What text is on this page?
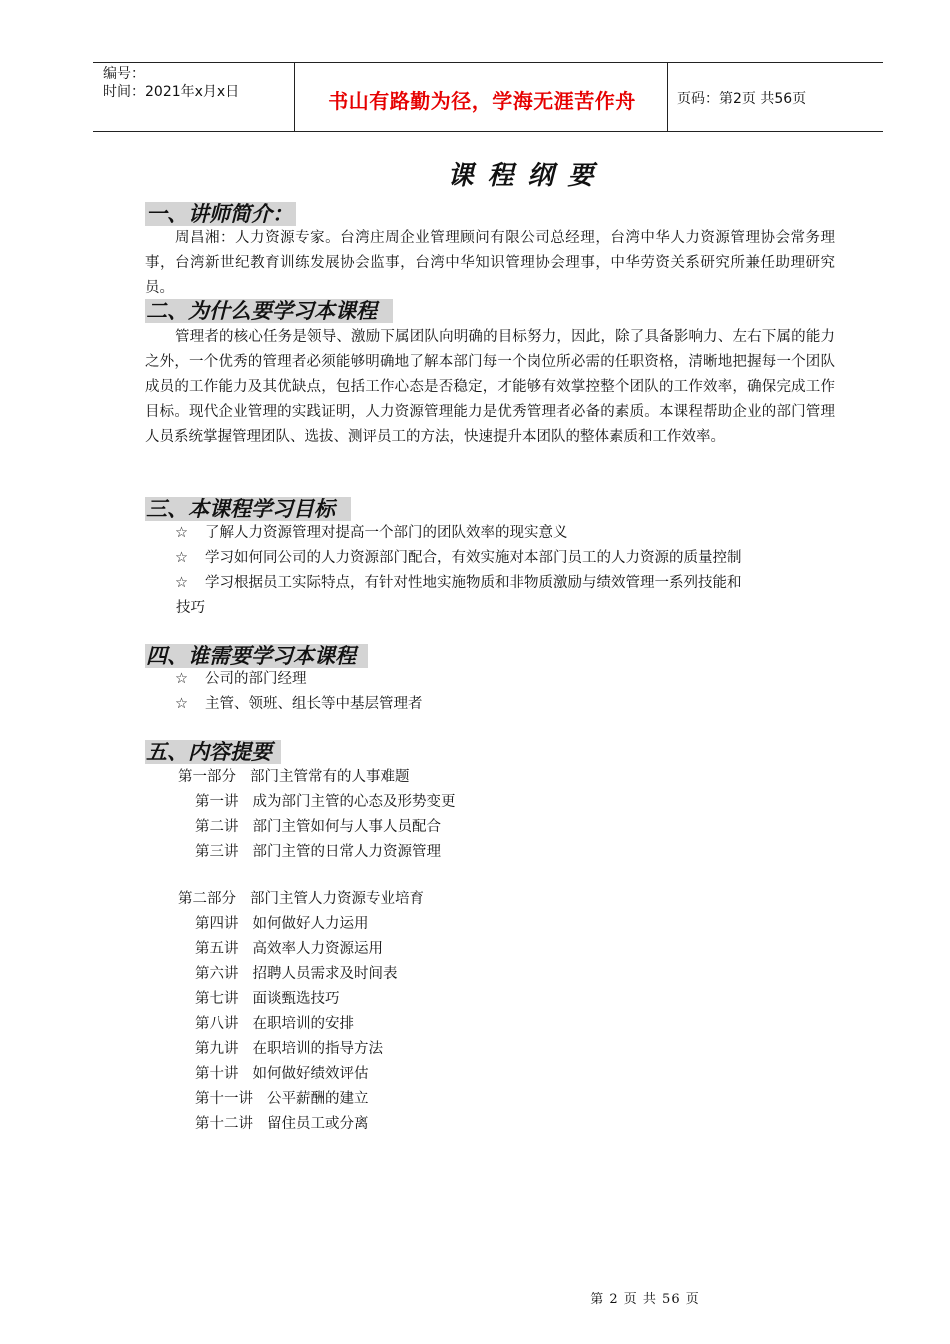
编号：
时间：2021年x月x日	书山有路勤为径，学海无涯苦作舟	页码：第2页 共56页
课程纲要
一、讲师简介：
周昌湘：人力资源专家。台湾庄周企业管理顾问有限公司总经理，台湾中华人力资源管理协会常务理事，台湾新世纪教育训练发展协会监事，台湾中华知识管理协会理事，中华劳资关系研究所兼任助理研究员。
二、为什么要学习本课程
管理者的核心任务是领导、激励下属团队向明确的目标努力，因此，除了具备影响力、左右下属的能力之外，一个优秀的管理者必须能够明确地了解本部门每一个岗位所必需的任职资格，清晰地把握每一个团队成员的工作能力及其优缺点，包括工作心态是否稳定，才能够有效掌控整个团队的工作效率，确保完成工作目标。现代企业管理的实践证明，人力资源管理能力是优秀管理者必备的素质。本课程帮助企业的部门管理人员系统掌握管理团队、选拔、测评员工的方法，快速提升本团队的整体素质和工作效率。
三、本课程学习目标
☆ 了解人力资源管理对提高一个部门的团队效率的现实意义
☆ 学习如何同公司的人力资源部门配合，有效实施对本部门员工的人力资源的质量控制
☆ 学习根据员工实际特点，有针对性地实施物质和非物质激励与绩效管理一系列技能和
技巧
四、谁需要学习本课程
☆ 公司的部门经理
☆ 主管、领班、组长等中基层管理者
五、内容提要
第一部分 部门主管常有的人事难题
第一讲 成为部门主管的心态及形势变更
第二讲 部门主管如何与人事人员配合
第三讲 部门主管的日常人力资源管理
第二部分 部门主管人力资源专业培育
第四讲 如何做好人力运用
第五讲 高效率人力资源运用
第六讲 招聘人员需求及时间表
第七讲 面谈甄选技巧
第八讲 在职培训的安排
第九讲 在职培训的指导方法
第十讲 如何做好绩效评估
第十一讲 公平薪酬的建立
第十二讲 留住员工或分离
第 2 页 共 56 页
